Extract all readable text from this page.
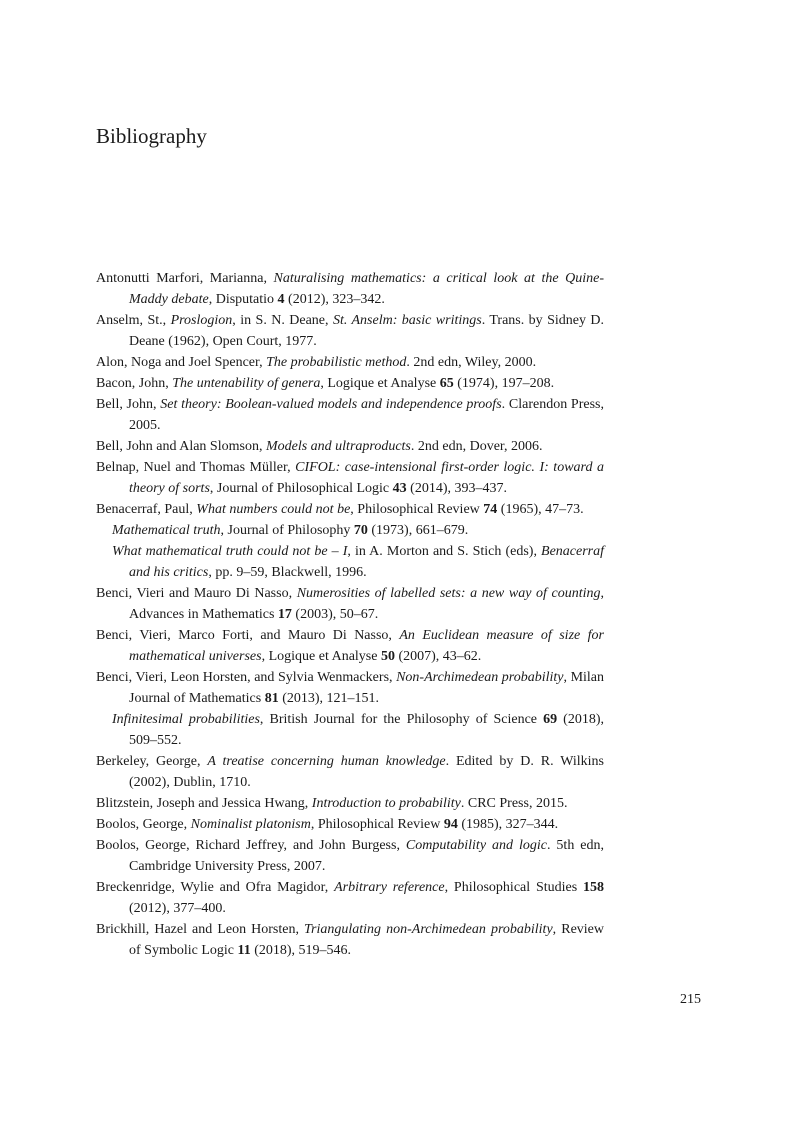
Bibliography

Antonutti Marfori, Marianna, Naturalising mathematics: a critical look at the Quine-Maddy debate, Disputatio 4 (2012), 323–342.

Anselm, St., Proslogion, in S. N. Deane, St. Anselm: basic writings. Trans. by Sidney D. Deane (1962), Open Court, 1977.

Alon, Noga and Joel Spencer, The probabilistic method. 2nd edn, Wiley, 2000.

Bacon, John, The untenability of genera, Logique et Analyse 65 (1974), 197–208.

Bell, John, Set theory: Boolean-valued models and independence proofs. Clarendon Press, 2005.

Bell, John and Alan Slomson, Models and ultraproducts. 2nd edn, Dover, 2006.

Belnap, Nuel and Thomas Müller, CIFOL: case-intensional first-order logic. I: toward a theory of sorts, Journal of Philosophical Logic 43 (2014), 393–437.

Benacerraf, Paul, What numbers could not be, Philosophical Review 74 (1965), 47–73.

Mathematical truth, Journal of Philosophy 70 (1973), 661–679.

What mathematical truth could not be – I, in A. Morton and S. Stich (eds), Benacerraf and his critics, pp. 9–59, Blackwell, 1996.

Benci, Vieri and Mauro Di Nasso, Numerosities of labelled sets: a new way of counting, Advances in Mathematics 17 (2003), 50–67.

Benci, Vieri, Marco Forti, and Mauro Di Nasso, An Euclidean measure of size for mathematical universes, Logique et Analyse 50 (2007), 43–62.

Benci, Vieri, Leon Horsten, and Sylvia Wenmackers, Non-Archimedean probability, Milan Journal of Mathematics 81 (2013), 121–151.

Infinitesimal probabilities, British Journal for the Philosophy of Science 69 (2018), 509–552.

Berkeley, George, A treatise concerning human knowledge. Edited by D. R. Wilkins (2002), Dublin, 1710.

Blitzstein, Joseph and Jessica Hwang, Introduction to probability. CRC Press, 2015.

Boolos, George, Nominalist platonism, Philosophical Review 94 (1985), 327–344.

Boolos, George, Richard Jeffrey, and John Burgess, Computability and logic. 5th edn, Cambridge University Press, 2007.

Breckenridge, Wylie and Ofra Magidor, Arbitrary reference, Philosophical Studies 158 (2012), 377–400.

Brickhill, Hazel and Leon Horsten, Triangulating non-Archimedean probability, Review of Symbolic Logic 11 (2018), 519–546.

215
